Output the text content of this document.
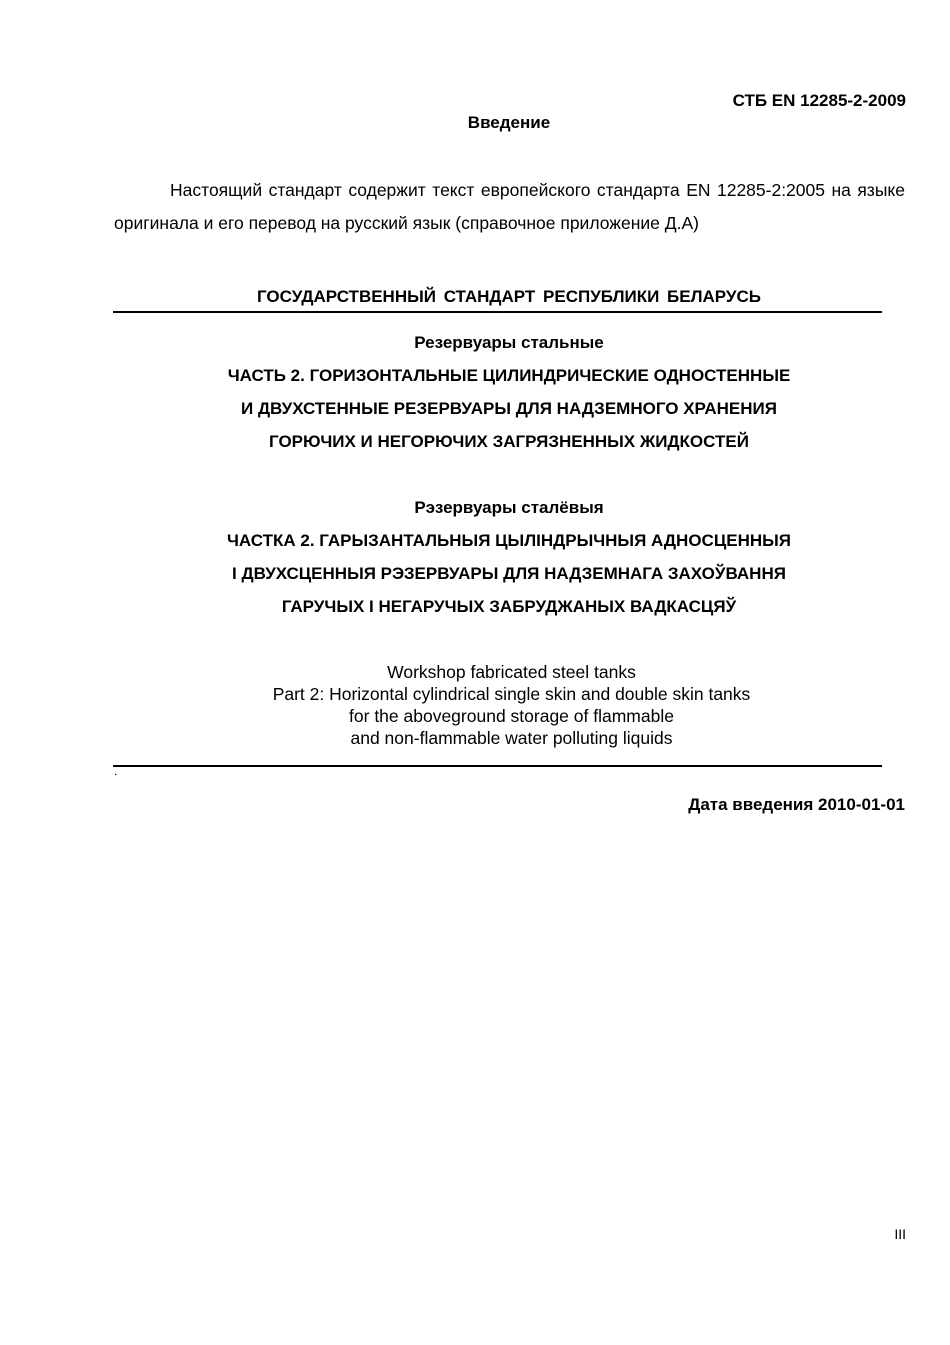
СТБ EN 12285-2-2009
Введение
Настоящий стандарт содержит текст европейского стандарта EN 12285-2:2005 на языке оригинала и его перевод на русский язык (справочное приложение Д.А)
ГОСУДАРСТВЕННЫЙ СТАНДАРТ РЕСПУБЛИКИ БЕЛАРУСЬ
Резервуары стальные
ЧАСТЬ 2. ГОРИЗОНТАЛЬНЫЕ ЦИЛИНДРИЧЕСКИЕ ОДНОСТЕННЫЕ
И ДВУХСТЕННЫЕ РЕЗЕРВУАРЫ ДЛЯ НАДЗЕМНОГО ХРАНЕНИЯ
ГОРЮЧИХ И НЕГОРЮЧИХ ЗАГРЯЗНЕННЫХ ЖИДКОСТЕЙ
Рэзервуары сталёвыя
ЧАСТКА 2. ГАРЫЗАНТАЛЬНЫЯ ЦЫЛІНДРЫЧНЫЯ АДНОСЦЕННЫЯ
І ДВУХСЦЕННЫЯ РЭЗЕРВУАРЫ ДЛЯ НАДЗЕМНАГА ЗАХОЎВАННЯ
ГАРУЧЫХ І НЕГАРУЧЫХ ЗАБРУДЖАНЫХ ВАДКАСЦЯЎ
Workshop fabricated steel tanks
Part 2: Horizontal cylindrical single skin and double skin tanks
for the aboveground storage of flammable
and non-flammable water polluting liquids
.
Дата введения 2010-01-01
III
